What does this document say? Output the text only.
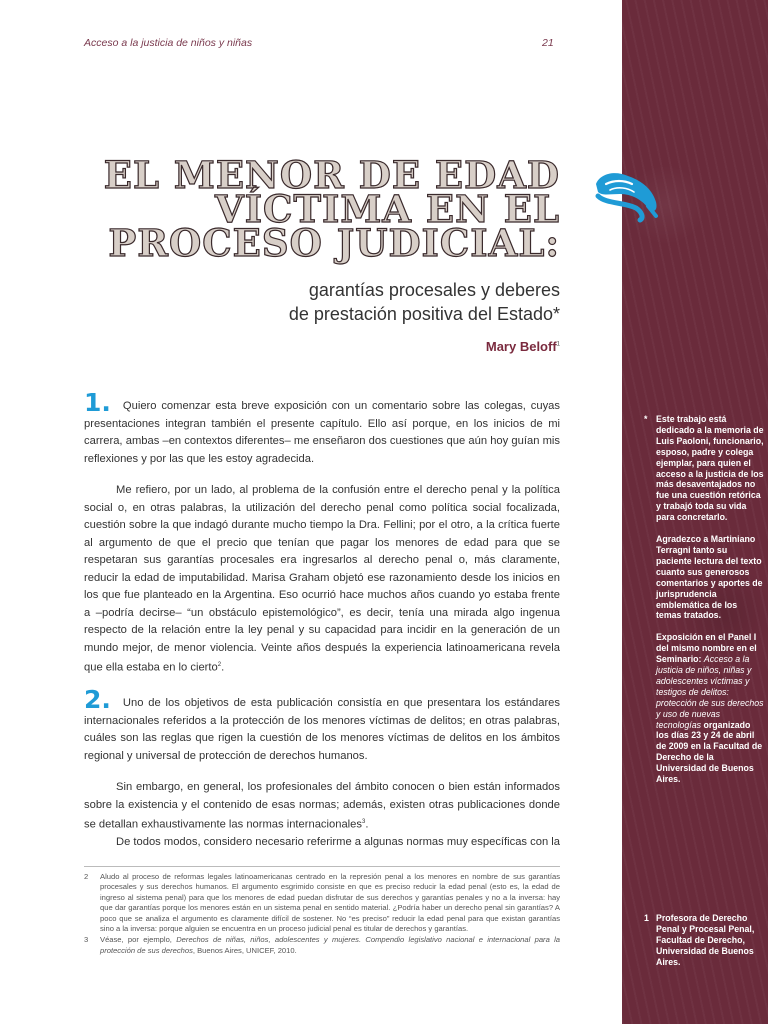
Acceso a la justicia de niños y niñas	21
EL MENOR DE EDAD
VÍCTIMA EN EL
PROCESO JUDICIAL:
garantías procesales y deberes
de prestación positiva del Estado*
Mary Beloff$^1$

1. Quiero comenzar esta breve exposición con un comentario sobre las colegas, cuyas presentaciones integran también el presente capítulo. Ello así porque, en los inicios de mi carrera, ambas –en contextos diferentes– me enseñaron dos cuestiones que aún hoy guían mis reflexiones y por las que les estoy agradecida.

Me refiero, por un lado, al problema de la confusión entre el derecho penal y la política social o, en otras palabras, la utilización del derecho penal como política social focalizada, cuestión sobre la que indagó durante mucho tiempo la Dra. Fellini; por el otro, a la crítica fuerte al argumento de que el precio que tenían que pagar los menores de edad para que se respetaran sus garantías procesales era ingresarlos al derecho penal o, más claramente, reducir la edad de imputabilidad. Marisa Graham objetó ese razonamiento desde los inicios en los que fue planteado en la Argentina. Eso ocurrió hace muchos años cuando yo estaba frente a –podría decirse– “un obstáculo epistemológico”, es decir, tenía una mirada algo ingenua respecto de la relación entre la ley penal y su capacidad para incidir en la generación de un mundo mejor, de menor violencia. Veinte años después la experiencia latinoamericana revela que ella estaba en lo cierto$^2$.

2. Uno de los objetivos de esta publicación consistía en que presentara los estándares internacionales referidos a la protección de los menores víctimas de delitos; en otras palabras, cuáles son las reglas que rigen la cuestión de los menores víctimas de delitos en los ámbitos regional y universal de protección de derechos humanos.

Sin embargo, en general, los profesionales del ámbito conocen o bien están informados sobre la existencia y el contenido de esas normas; además, existen otras publicaciones donde se detallan exhaustivamente las normas internacionales$^3$.

De todos modos, considero necesario referirme a algunas normas muy específicas con la

2	Aludo al proceso de reformas legales latinoamericanas centrado en la represión penal a los menores en nombre de sus garantías procesales y sus derechos humanos. El argumento esgrimido consiste en que es preciso reducir la edad penal (esto es, la edad de ingreso al sistema penal) para que los menores de edad puedan disfrutar de sus derechos y garantías penales y no a la inversa: hay que dar garantías porque los menores están en un sistema penal en sentido material. ¿Podría haber un derecho penal sin garantías? A poco que se analiza el argumento es claramente difícil de sostener. No “es preciso” reducir la edad penal para que existan garantías sino a la inversa: porque alguien se encuentra en un proceso judicial penal es titular de derechos y garantías.
3	Véase, por ejemplo, Derechos de niñas, niños, adolescentes y mujeres. Compendio legislativo nacional e internacional para la protección de sus derechos, Buenos Aires, UNICEF, 2010.
* Este trabajo está dedicado a la memoria de Luis Paoloni, funcionario, esposo, padre y colega ejemplar, para quien el acceso a la justicia de los más desaventajados no fue una cuestión retórica y trabajó toda su vida para concretarlo.

Agradezco a Martiniano Terragni tanto su paciente lectura del texto cuanto sus generosos comentarios y aportes de jurisprudencia emblemática de los temas tratados.

Exposición en el Panel I del mismo nombre en el Seminario: Acceso a la justicia de niños, niñas y adolescentes víctimas y testigos de delitos: protección de sus derechos y uso de nuevas tecnologías organizado los días 23 y 24 de abril de 2009 en la Facultad de Derecho de la Universidad de Buenos Aires.

1 Profesora de Derecho Penal y Procesal Penal, Facultad de Derecho, Universidad de Buenos Aires.
